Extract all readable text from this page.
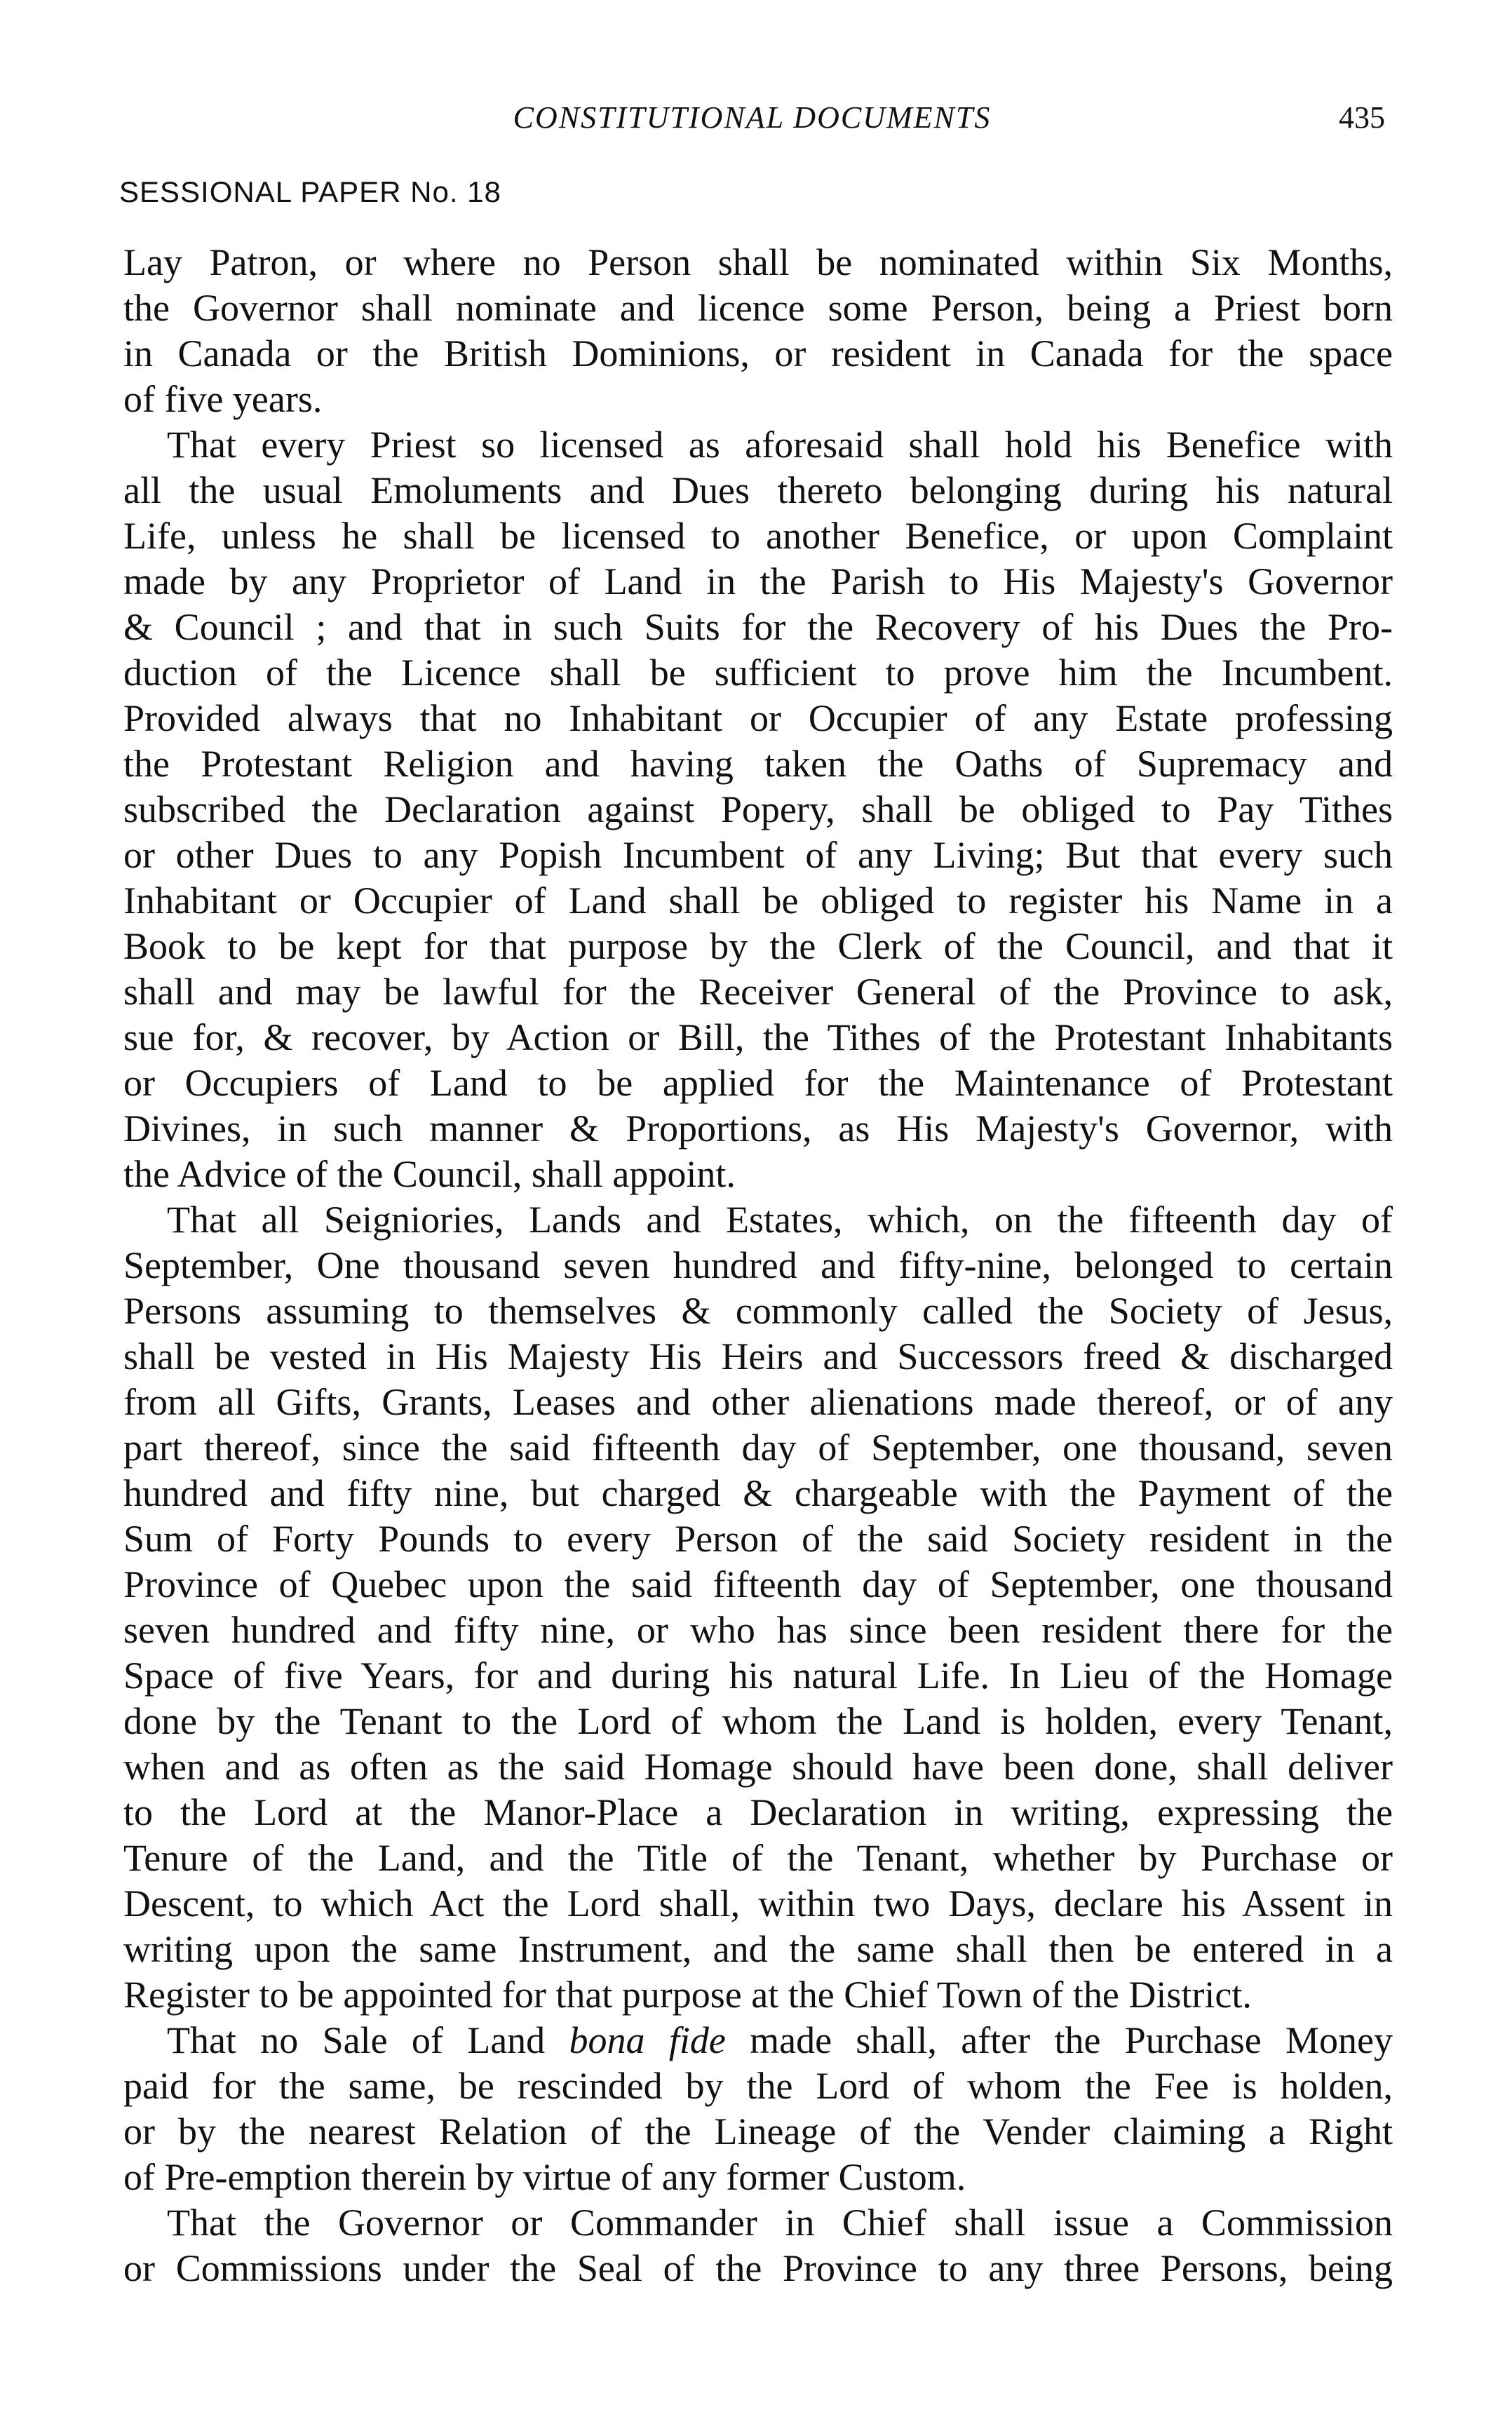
CONSTITUTIONAL DOCUMENTS	435
SESSIONAL PAPER No. 18
Lay Patron, or where no Person shall be nominated within Six Months,
the Governor shall nominate and licence some Person, being a Priest born
in Canada or the British Dominions, or resident in Canada for the space
of five years.
That every Priest so licensed as aforesaid shall hold his Benefice with
all the usual Emoluments and Dues thereto belonging during his natural
Life, unless he shall be licensed to another Benefice, or upon Complaint
made by any Proprietor of Land in the Parish to His Majesty's Governor
& Council ; and that in such Suits for the Recovery of his Dues the Pro-
duction of the Licence shall be sufficient to prove him the Incumbent.
Provided always that no Inhabitant or Occupier of any Estate professing
the Protestant Religion and having taken the Oaths of Supremacy and
subscribed the Declaration against Popery, shall be obliged to Pay Tithes
or other Dues to any Popish Incumbent of any Living; But that every such
Inhabitant or Occupier of Land shall be obliged to register his Name in a
Book to be kept for that purpose by the Clerk of the Council, and that it
shall and may be lawful for the Receiver General of the Province to ask,
sue for, & recover, by Action or Bill, the Tithes of the Protestant Inhabitants
or Occupiers of Land to be applied for the Maintenance of Protestant
Divines, in such manner & Proportions, as His Majesty's Governor, with
the Advice of the Council, shall appoint.
That all Seigniories, Lands and Estates, which, on the fifteenth day of
September, One thousand seven hundred and fifty-nine, belonged to certain
Persons assuming to themselves & commonly called the Society of Jesus,
shall be vested in His Majesty His Heirs and Successors freed & discharged
from all Gifts, Grants, Leases and other alienations made thereof, or of any
part thereof, since the said fifteenth day of September, one thousand, seven
hundred and fifty nine, but charged & chargeable with the Payment of the
Sum of Forty Pounds to every Person of the said Society resident in the
Province of Quebec upon the said fifteenth day of September, one thousand
seven hundred and fifty nine, or who has since been resident there for the
Space of five Years, for and during his natural Life. In Lieu of the Homage
done by the Tenant to the Lord of whom the Land is holden, every Tenant,
when and as often as the said Homage should have been done, shall deliver
to the Lord at the Manor-Place a Declaration in writing, expressing the
Tenure of the Land, and the Title of the Tenant, whether by Purchase or
Descent, to which Act the Lord shall, within two Days, declare his Assent in
writing upon the same Instrument, and the same shall then be entered in a
Register to be appointed for that purpose at the Chief Town of the District.
That no Sale of Land bona fide made shall, after the Purchase Money
paid for the same, be rescinded by the Lord of whom the Fee is holden,
or by the nearest Relation of the Lineage of the Vender claiming a Right
of Pre-emption therein by virtue of any former Custom.
That the Governor or Commander in Chief shall issue a Commission
or Commissions under the Seal of the Province to any three Persons, being
